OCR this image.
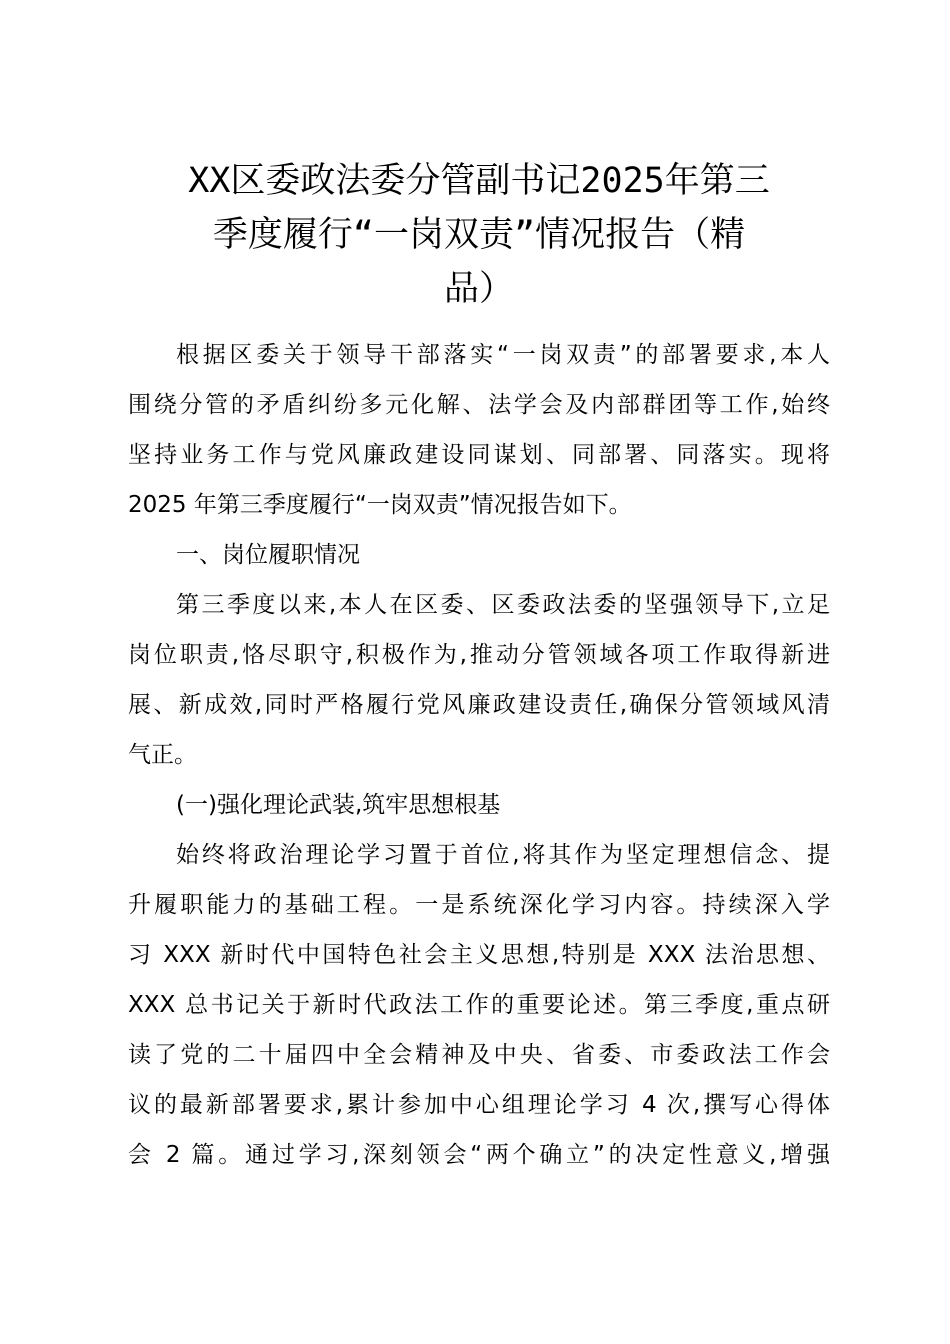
XX区委政法委分管副书记2025年第三
季度履行“一岗双责”情况报告（精
品）
根据区委关于领导干部落实“一岗双责”的部署要求,本人
围绕分管的矛盾纠纷多元化解、法学会及内部群团等工作,始终
坚持业务工作与党风廉政建设同谋划、同部署、同落实。现将
2025 年第三季度履行“一岗双责”情况报告如下。
一、岗位履职情况
第三季度以来,本人在区委、区委政法委的坚强领导下,立足
岗位职责,恪尽职守,积极作为,推动分管领域各项工作取得新进
展、新成效,同时严格履行党风廉政建设责任,确保分管领域风清
气正。
(一)强化理论武装,筑牢思想根基
始终将政治理论学习置于首位,将其作为坚定理想信念、提
升履职能力的基础工程。一是系统深化学习内容。持续深入学
习 XXX 新时代中国特色社会主义思想,特别是 XXX 法治思想、
XXX 总书记关于新时代政法工作的重要论述。第三季度,重点研
读了党的二十届四中全会精神及中央、省委、市委政法工作会
议的最新部署要求,累计参加中心组理论学习 4 次,撰写心得体
会 2 篇。通过学习,深刻领会“两个确立”的决定性意义,增强
